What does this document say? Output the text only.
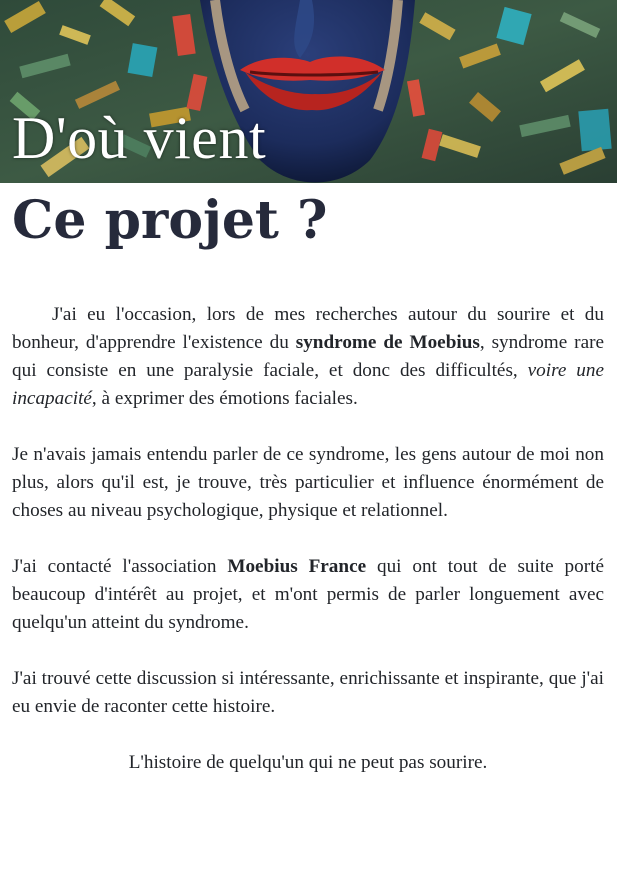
D'où vient
Ce projet ?

J'ai eu l'occasion, lors de mes recherches autour du sourire et du bonheur, d'apprendre l'existence du syndrome de Moebius, syndrome rare qui consiste en une paralysie faciale, et donc des difficultés, voire une incapacité, à exprimer des émotions faciales.

Je n'avais jamais entendu parler de ce syndrome, les gens autour de moi non plus, alors qu'il est, je trouve, très particulier et influence énormément de choses au niveau psychologique, physique et relationnel.

J'ai contacté l'association Moebius France qui ont tout de suite porté beaucoup d'intérêt au projet, et m'ont permis de parler longuement avec quelqu'un atteint du syndrome.

J'ai trouvé cette discussion si intéressante, enrichissante et inspirante, que j'ai eu envie de raconter cette histoire.

L'histoire de quelqu'un qui ne peut pas sourire.
